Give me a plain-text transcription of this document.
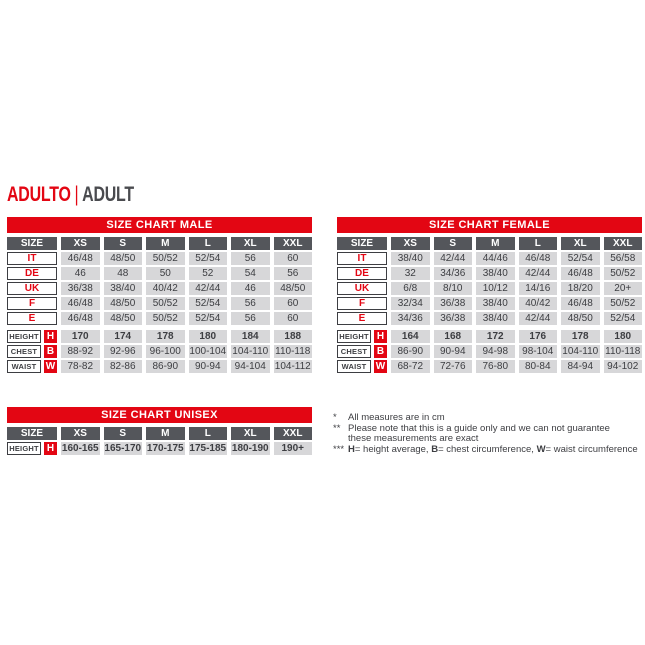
ADULTO | ADULT
SIZE CHART MALE
SIZE	XS	S	M	L	XL	XXL
IT	46/48	48/50	50/52	52/54	56	60
DE	46	48	50	52	54	56
UK	36/38	38/40	40/42	42/44	46	48/50
F	46/48	48/50	50/52	52/54	56	60
E	46/48	48/50	50/52	52/54	56	60
HEIGHT H	170	174	178	180	184	188
CHEST B	88-92	92-96	96-100 100-104 104-110 110-118
WAIST W	78-82	82-86	86-90	90-94	94-104 104-112
SIZE CHART FEMALE
SIZE	XS	S	M	L	XL	XXL
IT	38/40	42/44	44/46	46/48	52/54	56/58
DE	32	34/36	38/40	42/44	46/48	50/52
UK	6/8	8/10	10/12	14/16	18/20	20+
F	32/34	36/38	38/40	40/42	46/48	50/52
E	34/36	36/38	38/40	42/44	48/50	52/54
HEIGHT H	164	168	172	176	178	180
CHEST B	86-90	90-94	94-98	98-104 104-110 110-118
WAIST W	68-72	72-76	76-80	80-84	84-94	94-102
SIZE CHART UNISEX
SIZE	XS	S	M	L	XL	XXL
HEIGHT H 160-165 165-170 170-175 175-185 180-190	190+
*	All measures are in cm
** Please note that this is a guide only and we can not guarantee
these measurements are exact
*** H= height average, B= chest circumference, W= waist circumference
